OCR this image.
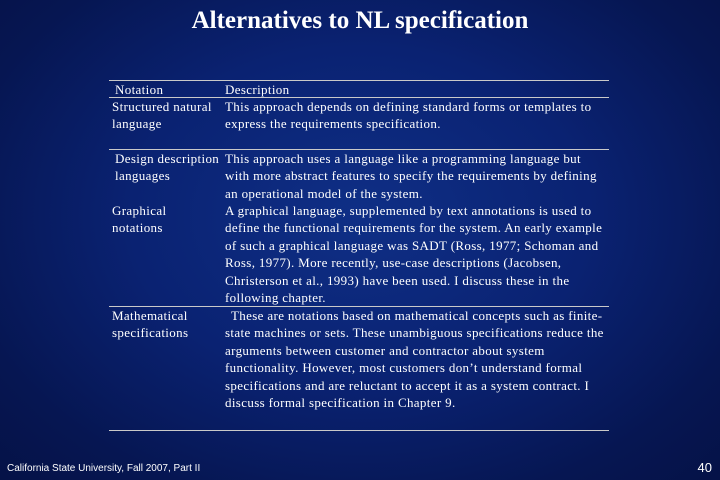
Alternatives to NL specification
Notation	Description
Structured natural language
This approach depends on defining standard forms or templates to express the requirements specification.
Design description languages
This approach uses a language like a programming language but with more abstract features to specify the requirements by defining an operational model of the system.
Graphical notations
A graphical language, supplemented by text annotations is used to define the functional requirements for the system. An early example of such a graphical language was SADT (Ross, 1977; Schoman and Ross, 1977). More recently, use-case descriptions (Jacobsen, Christerson et al., 1993) have been used. I discuss these in the following chapter.
Mathematical specifications
These are notations based on mathematical concepts such as finite-state machines or sets. These unambiguous specifications reduce the arguments between customer and contractor about system functionality. However, most customers don’t understand formal specifications and are reluctant to accept it as a system contract. I discuss formal specification in Chapter 9.
California State University, Fall 2007, Part II	40
